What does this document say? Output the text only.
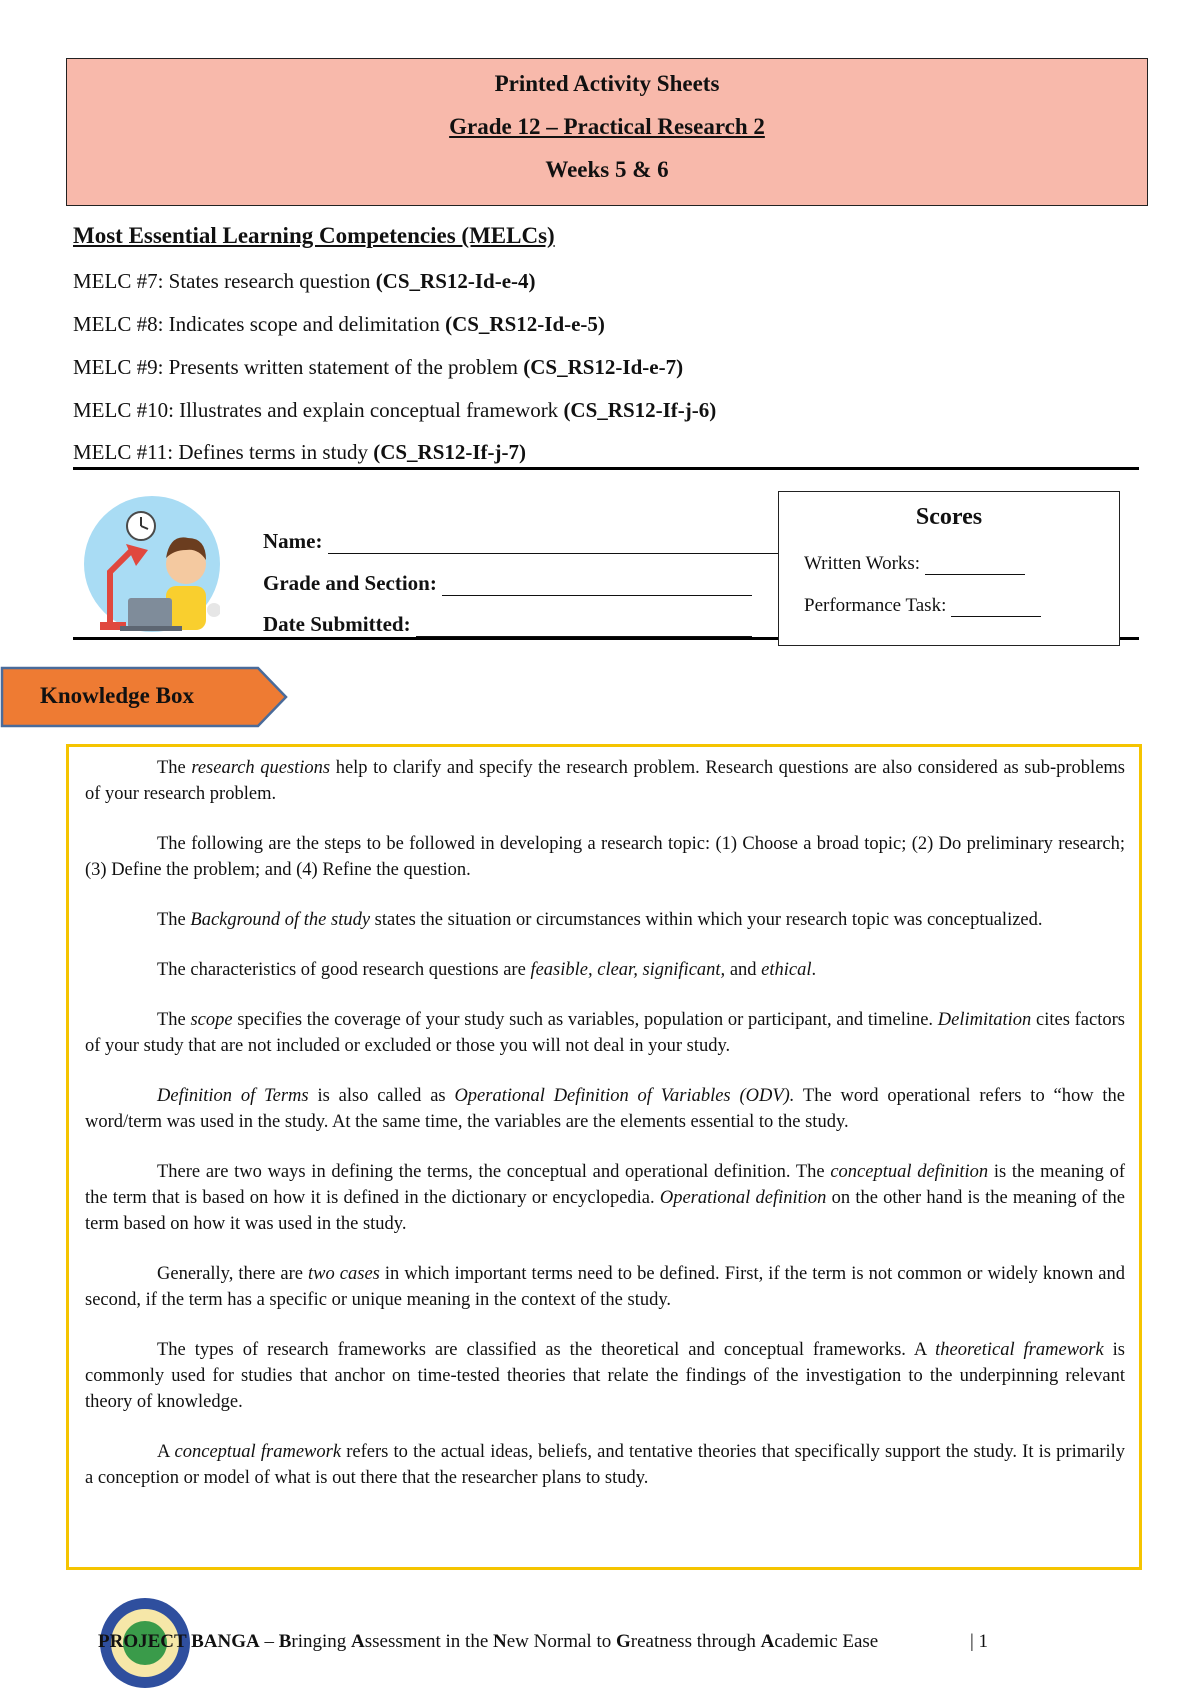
Printed Activity Sheets
Grade 12 – Practical Research 2
Weeks 5 & 6
Most Essential Learning Competencies (MELCs)
MELC #7: States research question (CS_RS12-Id-e-4)
MELC #8: Indicates scope and delimitation (CS_RS12-Id-e-5)
MELC #9: Presents written statement of the problem (CS_RS12-Id-e-7)
MELC #10: Illustrates and explain conceptual framework (CS_RS12-If-j-6)
MELC #11: Defines terms in study (CS_RS12-If-j-7)
Name:
Grade and Section:
Date Submitted:
Scores
Written Works:
Performance Task:
Knowledge Box

The research questions help to clarify and specify the research problem. Research questions are also considered as sub-problems of your research problem.

The following are the steps to be followed in developing a research topic: (1) Choose a broad topic; (2) Do preliminary research; (3) Define the problem; and (4) Refine the question.

The Background of the study states the situation or circumstances within which your research topic was conceptualized.

The characteristics of good research questions are feasible, clear, significant, and ethical.

The scope specifies the coverage of your study such as variables, population or participant, and timeline. Delimitation cites factors of your study that are not included or excluded or those you will not deal in your study.

Definition of Terms is also called as Operational Definition of Variables (ODV). The word operational refers to “how the word/term was used in the study. At the same time, the variables are the elements essential to the study.

There are two ways in defining the terms, the conceptual and operational definition. The conceptual definition is the meaning of the term that is based on how it is defined in the dictionary or encyclopedia. Operational definition on the other hand is the meaning of the term based on how it was used in the study.

Generally, there are two cases in which important terms need to be defined. First, if the term is not common or widely known and second, if the term has a specific or unique meaning in the context of the study.

The types of research frameworks are classified as the theoretical and conceptual frameworks. A theoretical framework is commonly used for studies that anchor on time-tested theories that relate the findings of the investigation to the underpinning relevant theory of knowledge.

A conceptual framework refers to the actual ideas, beliefs, and tentative theories that specifically support the study. It is primarily a conception or model of what is out there that the researcher plans to study.

PROJECT BANGA – Bringing Assessment in the New Normal to Greatness through Academic Ease	| 1
